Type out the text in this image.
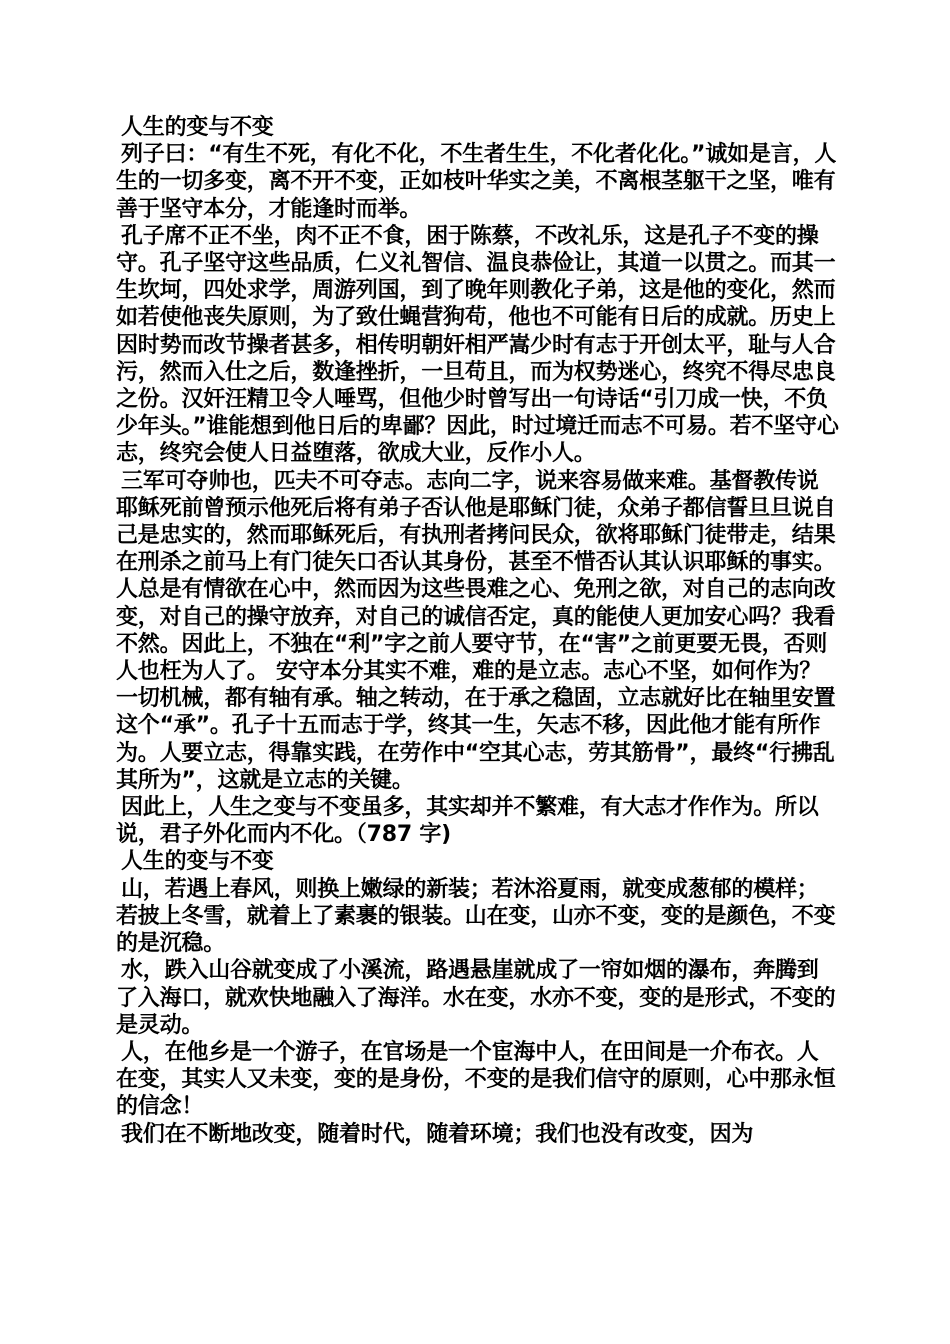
人生的变与不变

列子曰：“有生不死，有化不化，不生者生生，不化者化化。”诚如是言，人生的一切多变，离不开不变，正如枝叶华实之美，不离根茎躯干之坚，唯有善于坚守本分，才能逢时而举。

孔子席不正不坐，肉不正不食，困于陈蔡，不改礼乐，这是孔子不变的操守。孔子坚守这些品质，仁义礼智信、温良恭俭让，其道一以贯之。而其一生坎坷，四处求学，周游列国，到了晚年则教化子弟，这是他的变化，然而如若使他丧失原则，为了致仕蝇营狗苟，他也不可能有日后的成就。历史上因时势而改节操者甚多，相传明朝奸相严嵩少时有志于开创太平，耻与人合污，然而入仕之后，数逢挫折，一旦苟且，而为权势迷心，终究不得尽忠良之份。汉奸汪精卫令人唾骂，但他少时曾写出一句诗话“引刀成一快，不负少年头。”谁能想到他日后的卑鄙？因此，时过境迁而志不可易。若不坚守心志，终究会使人日益堕落，欲成大业，反作小人。

三军可夺帅也，匹夫不可夺志。志向二字，说来容易做来难。基督教传说耶稣死前曾预示他死后将有弟子否认他是耶稣门徒，众弟子都信誓旦旦说自己是忠实的，然而耶稣死后，有执刑者拷问民众，欲将耶稣门徒带走，结果在刑杀之前马上有门徒矢口否认其身份，甚至不惜否认其认识耶稣的事实。人总是有情欲在心中，然而因为这些畏难之心、免刑之欲，对自己的志向改变，对自己的操守放弃，对自己的诚信否定，真的能使人更加安心吗？我看不然。因此上，不独在“利”字之前人要守节，在“害”之前更要无畏，否则人也枉为人了。 安守本分其实不难，难的是立志。志心不坚，如何作为？一切机械，都有轴有承。轴之转动，在于承之稳固，立志就好比在轴里安置这个“承”。孔子十五而志于学，终其一生，矢志不移，因此他才能有所作为。人要立志，得靠实践，在劳作中“空其心志，劳其筋骨”，最终“行拂乱其所为”，这就是立志的关键。

因此上，人生之变与不变虽多，其实却并不繁难，有大志才作作为。所以说，君子外化而内不化。（787 字)

人生的变与不变

山，若遇上春风，则换上嫩绿的新装；若沐浴夏雨，就变成葱郁的模样；若披上冬雪，就着上了素裹的银装。山在变，山亦不变，变的是颜色，不变的是沉稳。

水，跌入山谷就变成了小溪流，路遇悬崖就成了一帘如烟的瀑布，奔腾到了入海口，就欢快地融入了海洋。水在变，水亦不变，变的是形式，不变的是灵动。

人，在他乡是一个游子，在官场是一个宦海中人，在田间是一介布衣。人在变，其实人又未变，变的是身份，不变的是我们信守的原则，心中那永恒的信念！

我们在不断地改变，随着时代，随着环境；我们也没有改变，因为
